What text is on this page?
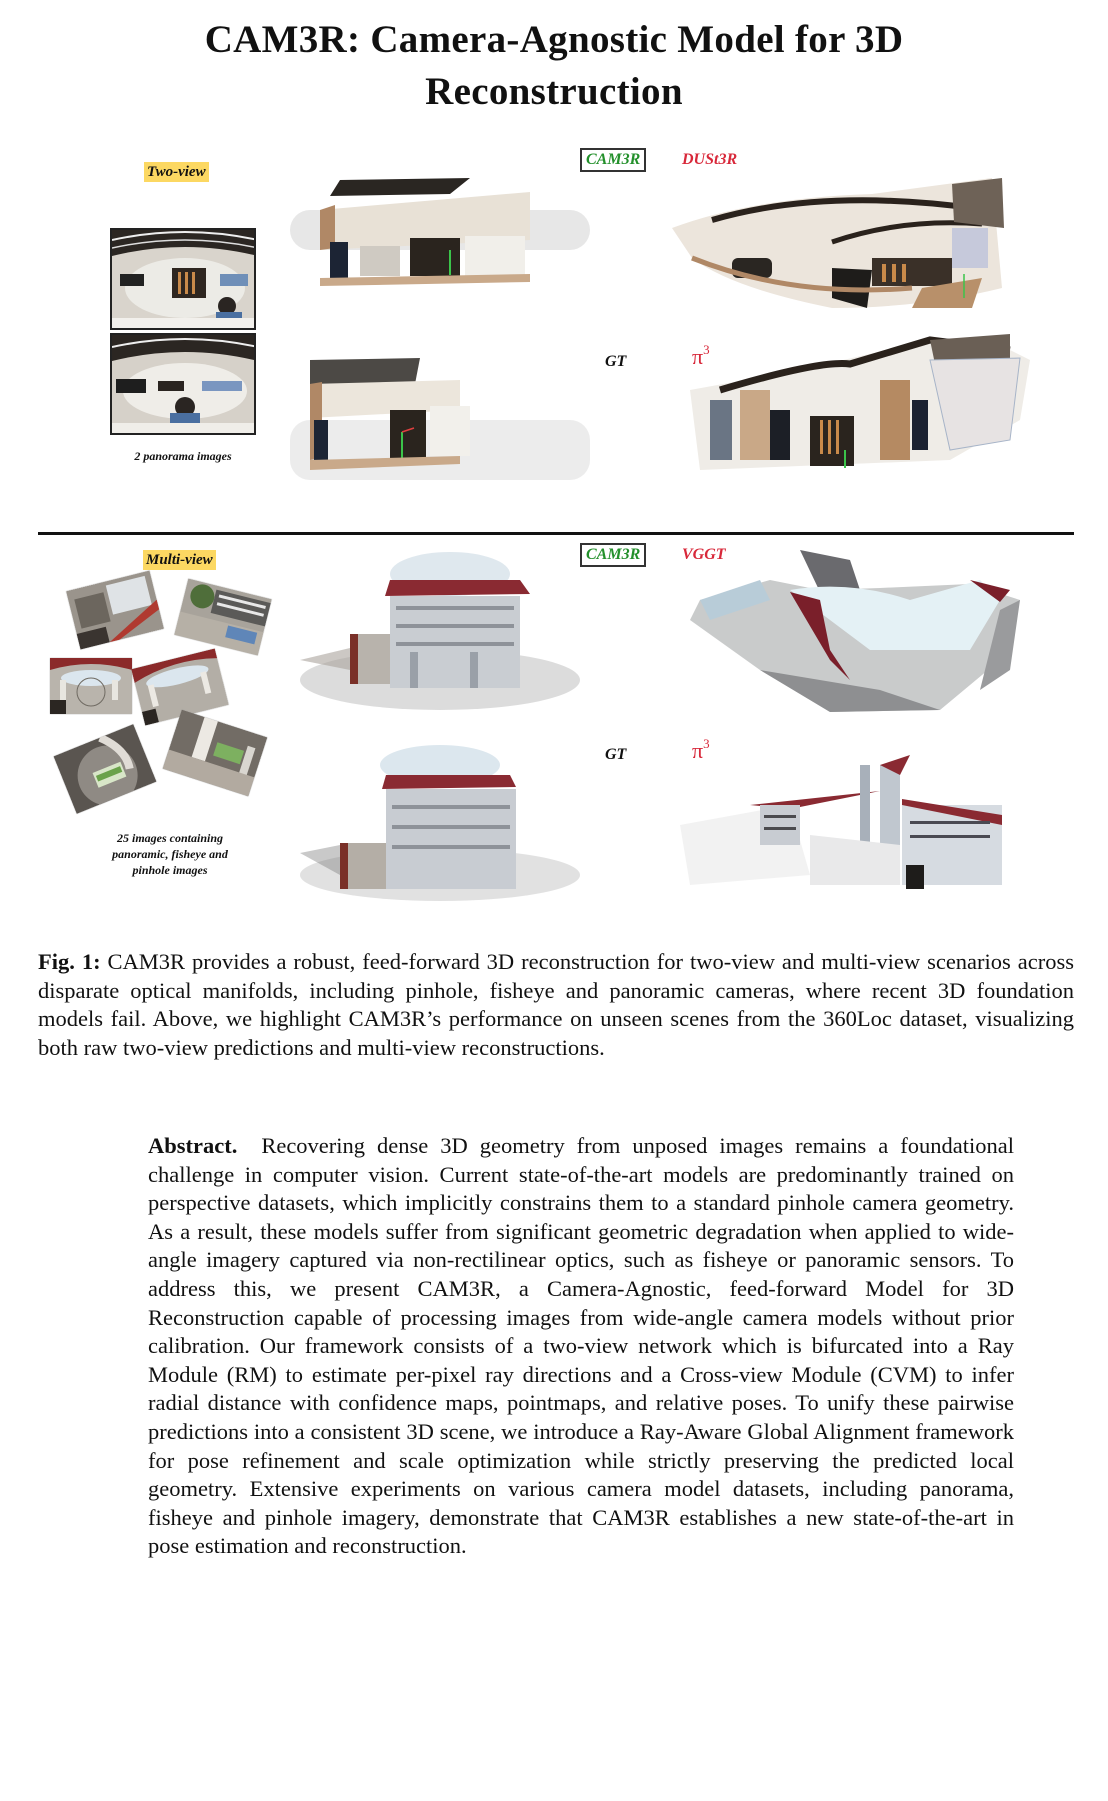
CAM3R: Camera-Agnostic Model for 3D
Reconstruction
Two-view
2 panorama images
CAM3R	DUSt3R
GT	$\pi^3$
Multi-view
25 images containing
panoramic, fisheye and
pinhole images
CAM3R	VGGT
GT	$\pi^3$

Fig. 1: CAM3R provides a robust, feed-forward 3D reconstruction for two-view and multi-view scenarios across disparate optical manifolds, including pinhole, fisheye and panoramic cameras, where recent 3D foundation models fail. Above, we highlight CAM3R’s performance on unseen scenes from the 360Loc dataset, visualizing both raw two-view predictions and multi-view reconstructions.

Abstract.  Recovering dense 3D geometry from unposed images remains a foundational challenge in computer vision. Current state-of-the-art models are predominantly trained on perspective datasets, which implicitly constrains them to a standard pinhole camera geometry. As a result, these models suffer from significant geometric degradation when applied to wide-angle imagery captured via non-rectilinear optics, such as fisheye or panoramic sensors. To address this, we present CAM3R, a Camera-Agnostic, feed-forward Model for 3D Reconstruction capable of processing images from wide-angle camera models without prior calibration. Our framework consists of a two-view network which is bifurcated into a Ray Module (RM) to estimate per-pixel ray directions and a Cross-view Module (CVM) to infer radial distance with confidence maps, pointmaps, and relative poses. To unify these pairwise predictions into a consistent 3D scene, we introduce a Ray-Aware Global Alignment framework for pose refinement and scale optimization while strictly preserving the predicted local geometry. Extensive experiments on various camera model datasets, including panorama, fisheye and pinhole imagery, demonstrate that CAM3R establishes a new state-of-the-art in pose estimation and reconstruction.
